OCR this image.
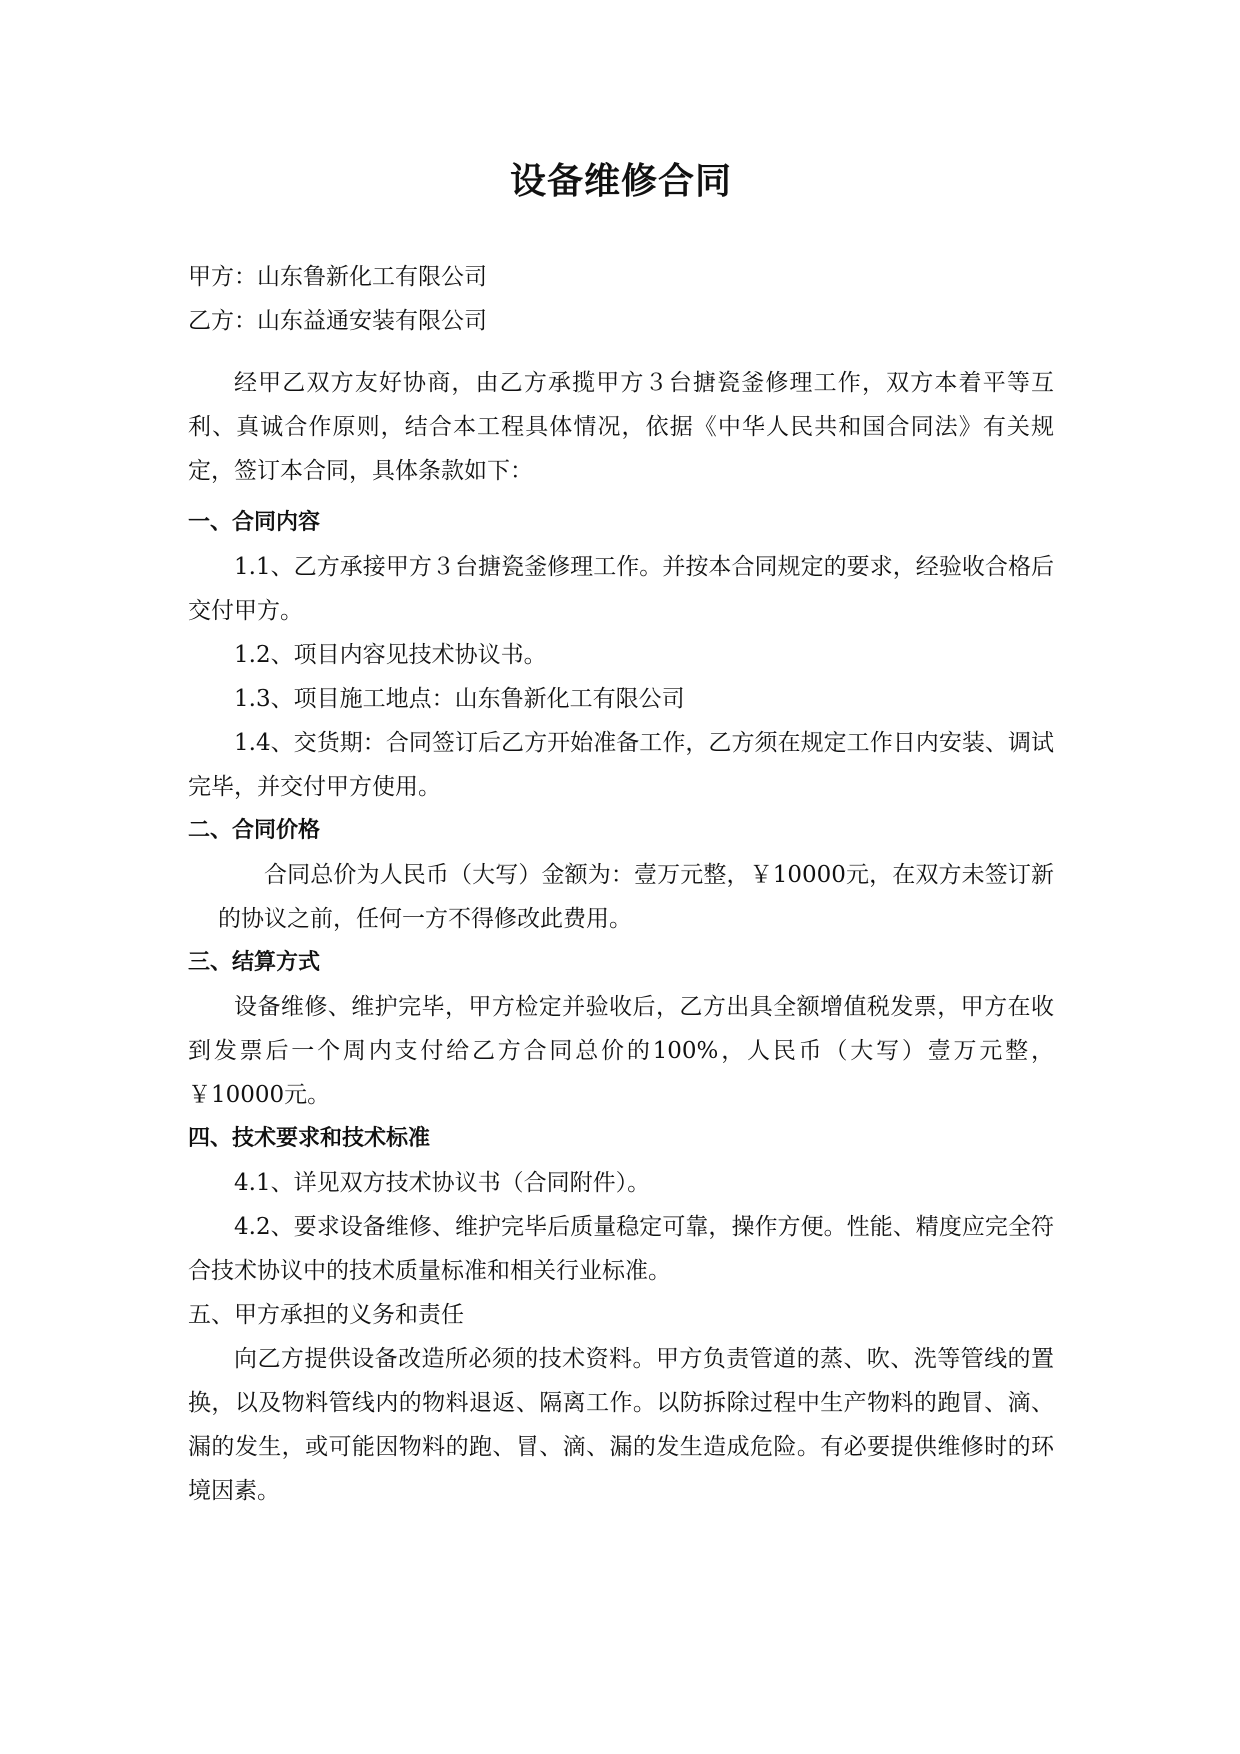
设备维修合同

甲方：山东鲁新化工有限公司

乙方：山东益通安装有限公司

经甲乙双方友好协商，由乙方承揽甲方３台搪瓷釜修理工作，双方本着平等互利、真诚合作原则，结合本工程具体情况，依据《中华人民共和国合同法》有关规定，签订本合同，具体条款如下：

一、合同内容

1.1、乙方承接甲方３台搪瓷釜修理工作。并按本合同规定的要求，经验收合格后交付甲方。

1.2、项目内容见技术协议书。

1.3、项目施工地点：山东鲁新化工有限公司

1.4、交货期：合同签订后乙方开始准备工作，乙方须在规定工作日内安装、调试完毕，并交付甲方使用。

二、合同价格

合同总价为人民币（大写）金额为：壹万元整，￥10000元，在双方未签订新的协议之前，任何一方不得修改此费用。

三、结算方式

设备维修、维护完毕，甲方检定并验收后，乙方出具全额增值税发票，甲方在收到发票后一个周内支付给乙方合同总价的100%，人民币（大写）壹万元整，￥10000元。

四、技术要求和技术标准

4.1、详见双方技术协议书（合同附件）。

4.2、要求设备维修、维护完毕后质量稳定可靠，操作方便。性能、精度应完全符合技术协议中的技术质量标准和相关行业标准。

五、甲方承担的义务和责任

向乙方提供设备改造所必须的技术资料。甲方负责管道的蒸、吹、洗等管线的置换，以及物料管线内的物料退返、隔离工作。以防拆除过程中生产物料的跑冒、滴、漏的发生，或可能因物料的跑、冒、滴、漏的发生造成危险。有必要提供维修时的环境因素。
